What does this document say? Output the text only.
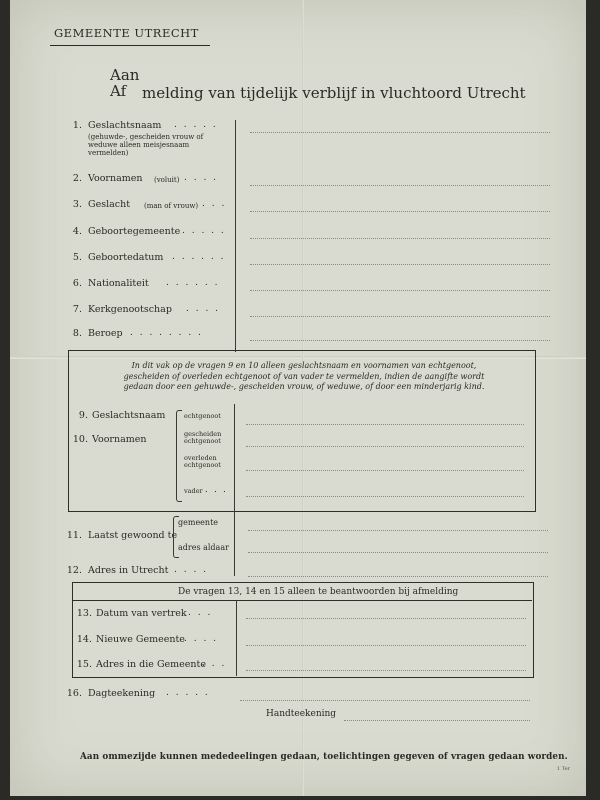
GEMEENTE UTRECHT
Aan
Af melding van tijdelijk verblijf in vluchtoord Utrecht
1. Geslachtsnaam . . . . .
(gehuwde-, gescheiden vrouw of weduwe alleen meisjesnaam vermelden)
2. Voornamen (voluit) . . . .
3. Geslacht (man of vrouw) . . .
4. Geboortegemeente . . . . .
5. Geboortedatum . . . . . .
6. Nationaliteit . . . . . .
7. Kerkgenootschap . . . .
8. Beroep . . . . . . . .
In dit vak op de vragen 9 en 10 alleen geslachtsnaam en voornamen van echtgenoot,
gescheiden of overleden echtgenoot of van vader te vermelden, indien de aangifte wordt
gedaan door een gehuwde-, gescheiden vrouw, of weduwe, of door een minderjarig kind.
9. Geslachtsnaam
10. Voornamen
echtgenoot
gescheiden echtgenoot
overleden echtgenoot
vader . . .
11. Laatst gewoond te
gemeente
adres aldaar
12. Adres in Utrecht . . . .
De vragen 13, 14 en 15 alleen te beantwoorden bij afmelding
13. Datum van vertrek . . .
14. Nieuwe Gemeente . . . .
15. Adres in die Gemeente
. . .
16. Dagteekening . . . . .
Handteekening
Aan ommezijde kunnen mededeelingen gedaan, toelichtingen gegeven of vragen gedaan worden.
1 Ter
